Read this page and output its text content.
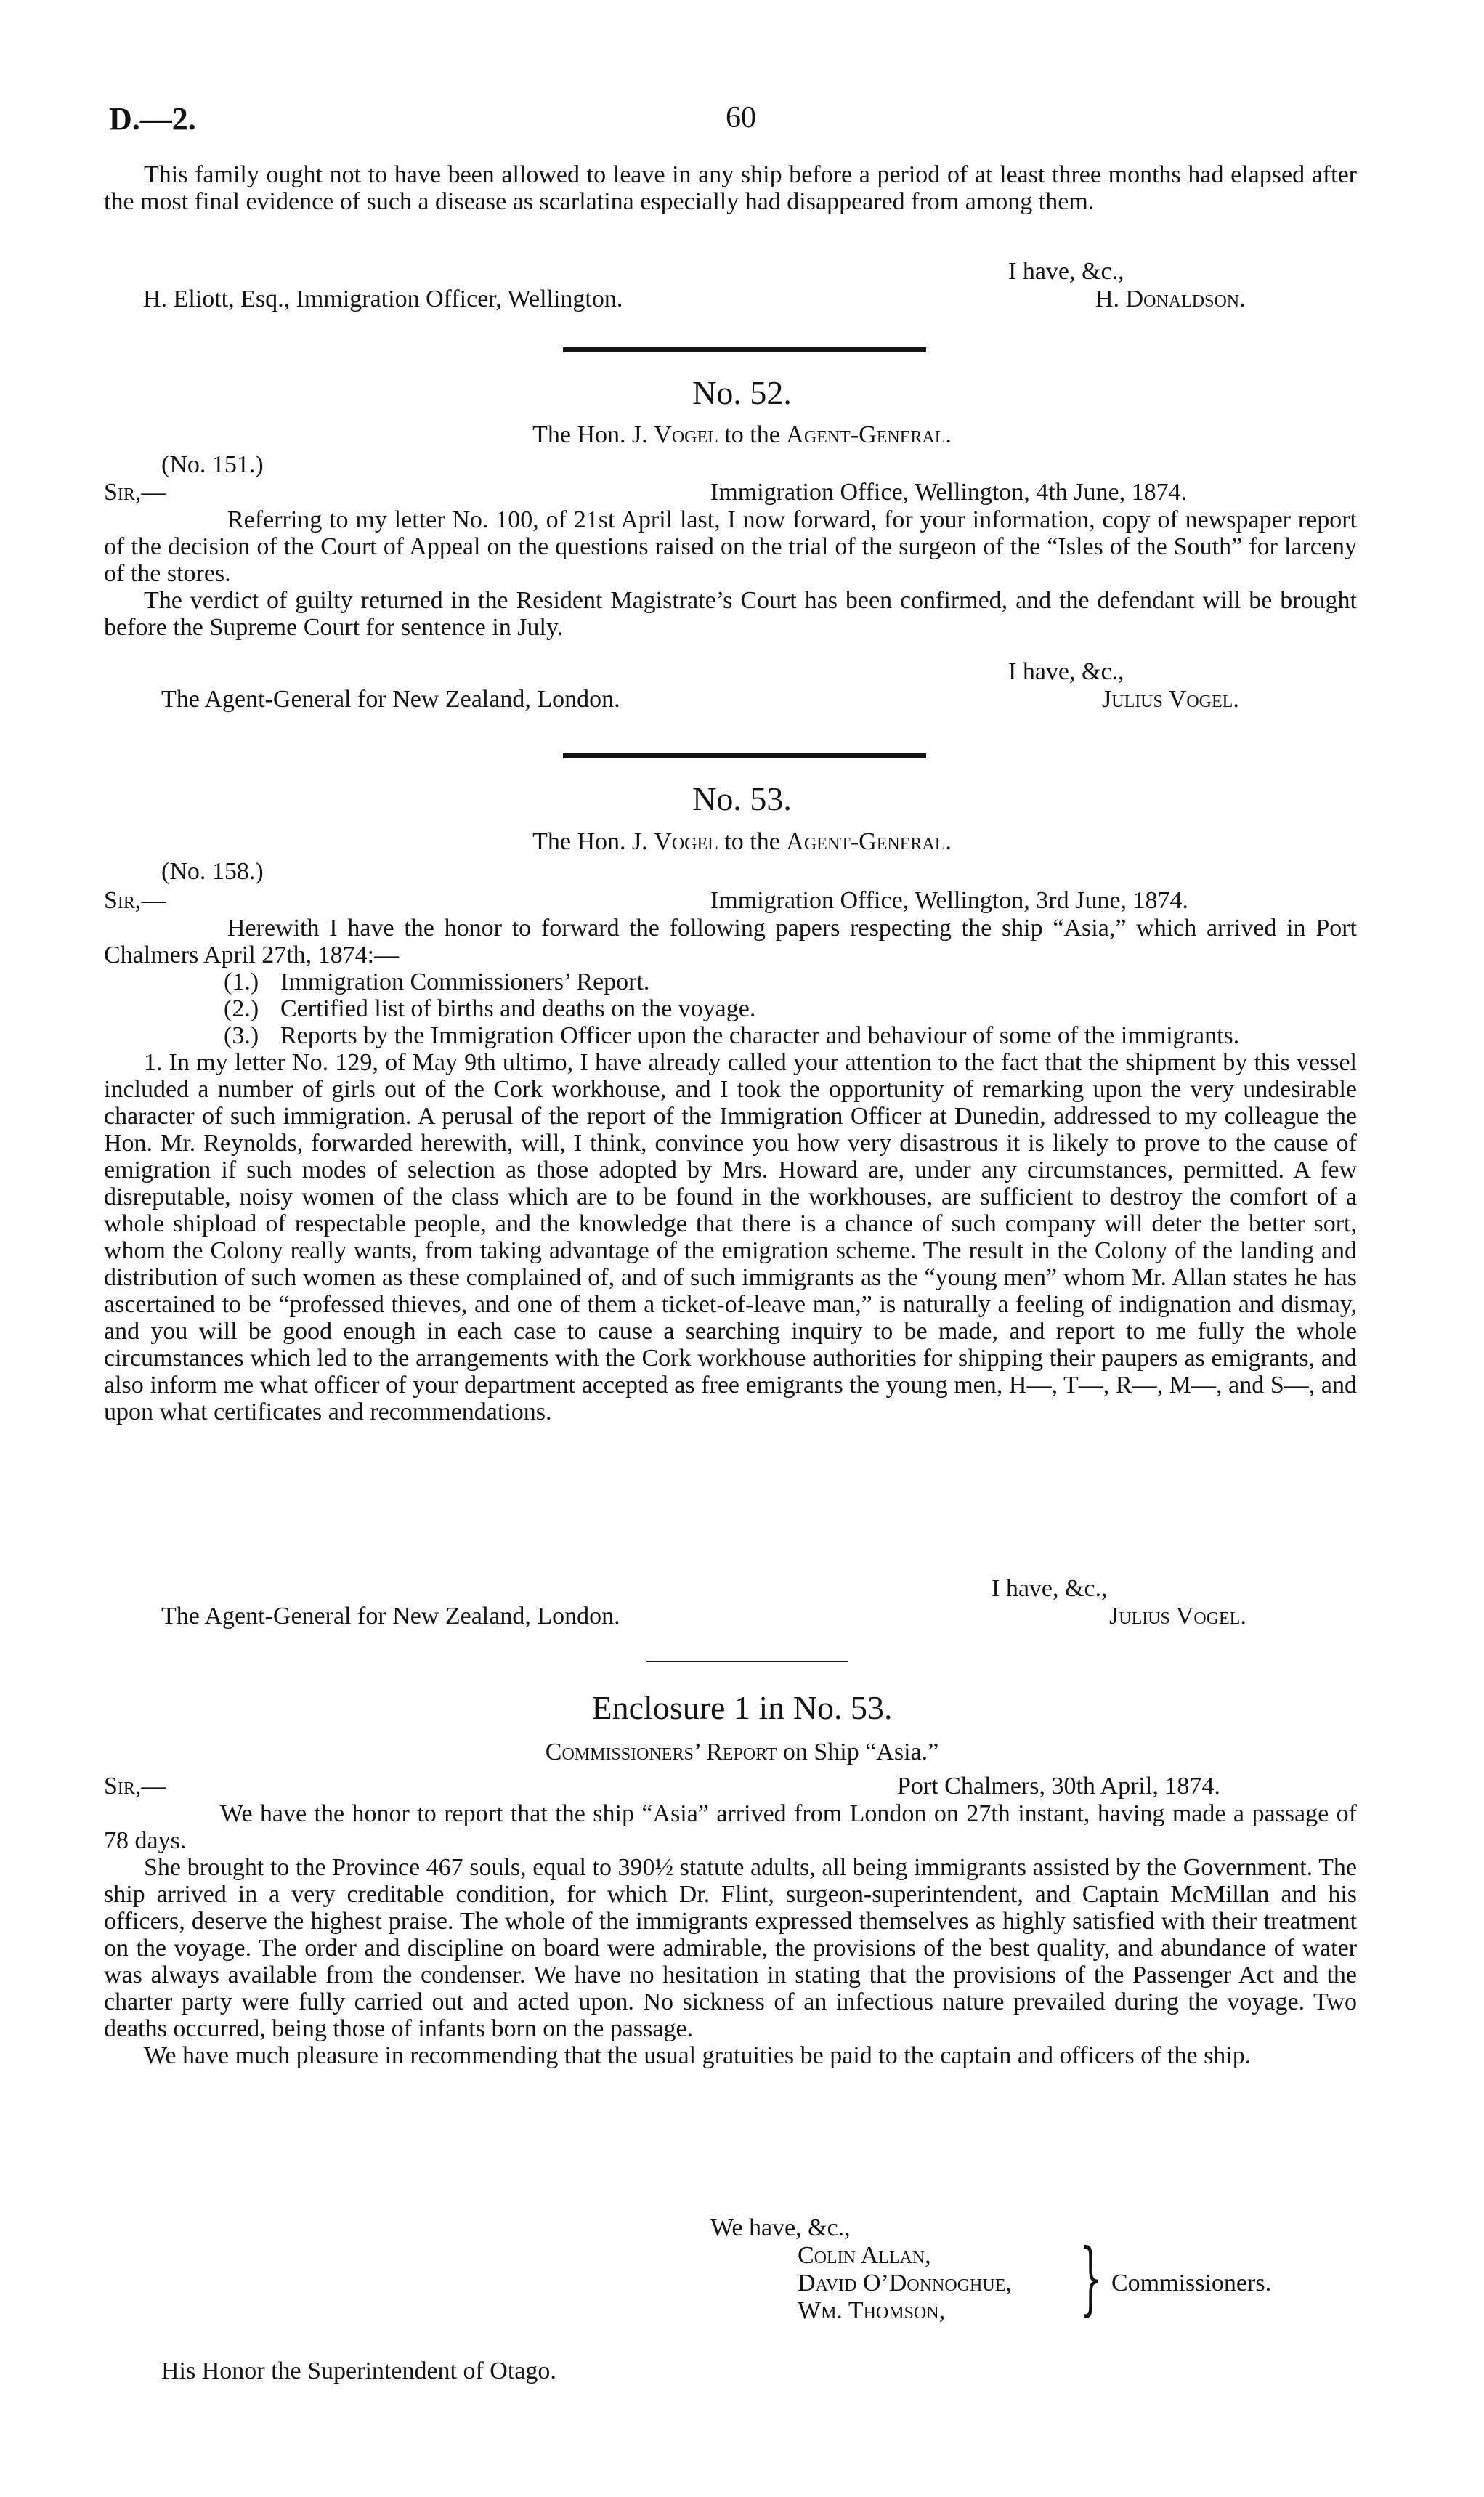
D.—2.	60

This family ought not to have been allowed to leave in any ship before a period of at least three months had elapsed after the most final evidence of such a disease as scarlatina especially had disappeared from among them.

I have, &c.,
H. Eliott, Esq., Immigration Officer, Wellington.	H. Donaldson.
No. 52.
The Hon. J. Vogel to the Agent-General.
(No. 151.)
Sir,—	Immigration Office, Wellington, 4th June, 1874.

Referring to my letter No. 100, of 21st April last, I now forward, for your information, copy of newspaper report of the decision of the Court of Appeal on the questions raised on the trial of the surgeon of the “Isles of the South” for larceny of the stores.

The verdict of guilty returned in the Resident Magistrate’s Court has been confirmed, and the defendant will be brought before the Supreme Court for sentence in July.

I have, &c.,
The Agent-General for New Zealand, London.	Julius Vogel.
No. 53.
The Hon. J. Vogel to the Agent-General.
(No. 158.)
Sir,—	Immigration Office, Wellington, 3rd June, 1874.

Herewith I have the honor to forward the following papers respecting the ship “Asia,” which arrived in Port Chalmers April 27th, 1874:—

(1.) Immigration Commissioners’ Report.
(2.) Certified list of births and deaths on the voyage.
(3.) Reports by the Immigration Officer upon the character and behaviour of some of the immigrants.

1. In my letter No. 129, of May 9th ultimo, I have already called your attention to the fact that the shipment by this vessel included a number of girls out of the Cork workhouse, and I took the opportunity of remarking upon the very undesirable character of such immigration. A perusal of the report of the Immigration Officer at Dunedin, addressed to my colleague the Hon. Mr. Reynolds, forwarded herewith, will, I think, convince you how very disastrous it is likely to prove to the cause of emigration if such modes of selection as those adopted by Mrs. Howard are, under any circumstances, permitted. A few disreputable, noisy women of the class which are to be found in the workhouses, are sufficient to destroy the comfort of a whole shipload of respectable people, and the knowledge that there is a chance of such company will deter the better sort, whom the Colony really wants, from taking advantage of the emigration scheme. The result in the Colony of the landing and distribution of such women as these complained of, and of such immigrants as the “young men” whom Mr. Allan states he has ascertained to be “professed thieves, and one of them a ticket-of-leave man,” is naturally a feeling of indignation and dismay, and you will be good enough in each case to cause a searching inquiry to be made, and report to me fully the whole circumstances which led to the arrangements with the Cork workhouse authorities for shipping their paupers as emigrants, and also inform me what officer of your department accepted as free emigrants the young men, H—, T—, R—, M—, and S—, and upon what certificates and recommendations.

I have, &c.,
The Agent-General for New Zealand, London.	Julius Vogel.
Enclosure 1 in No. 53.
Commissioners’ Report on Ship “Asia.”
Sir,—	Port Chalmers, 30th April, 1874.

We have the honor to report that the ship “Asia” arrived from London on 27th instant, having made a passage of 78 days.

She brought to the Province 467 souls, equal to 390½ statute adults, all being immigrants assisted by the Government. The ship arrived in a very creditable condition, for which Dr. Flint, surgeon-superintendent, and Captain McMillan and his officers, deserve the highest praise. The whole of the immigrants expressed themselves as highly satisfied with their treatment on the voyage. The order and discipline on board were admirable, the provisions of the best quality, and abundance of water was always available from the condenser. We have no hesitation in stating that the provisions of the Passenger Act and the charter party were fully carried out and acted upon. No sickness of an infectious nature prevailed during the voyage. Two deaths occurred, being those of infants born on the passage.

We have much pleasure in recommending that the usual gratuities be paid to the captain and officers of the ship.

We have, &c.,
Colin Allan,
David O’Donnoghue,
Wm. Thomson, } Commissioners.
His Honor the Superintendent of Otago.
